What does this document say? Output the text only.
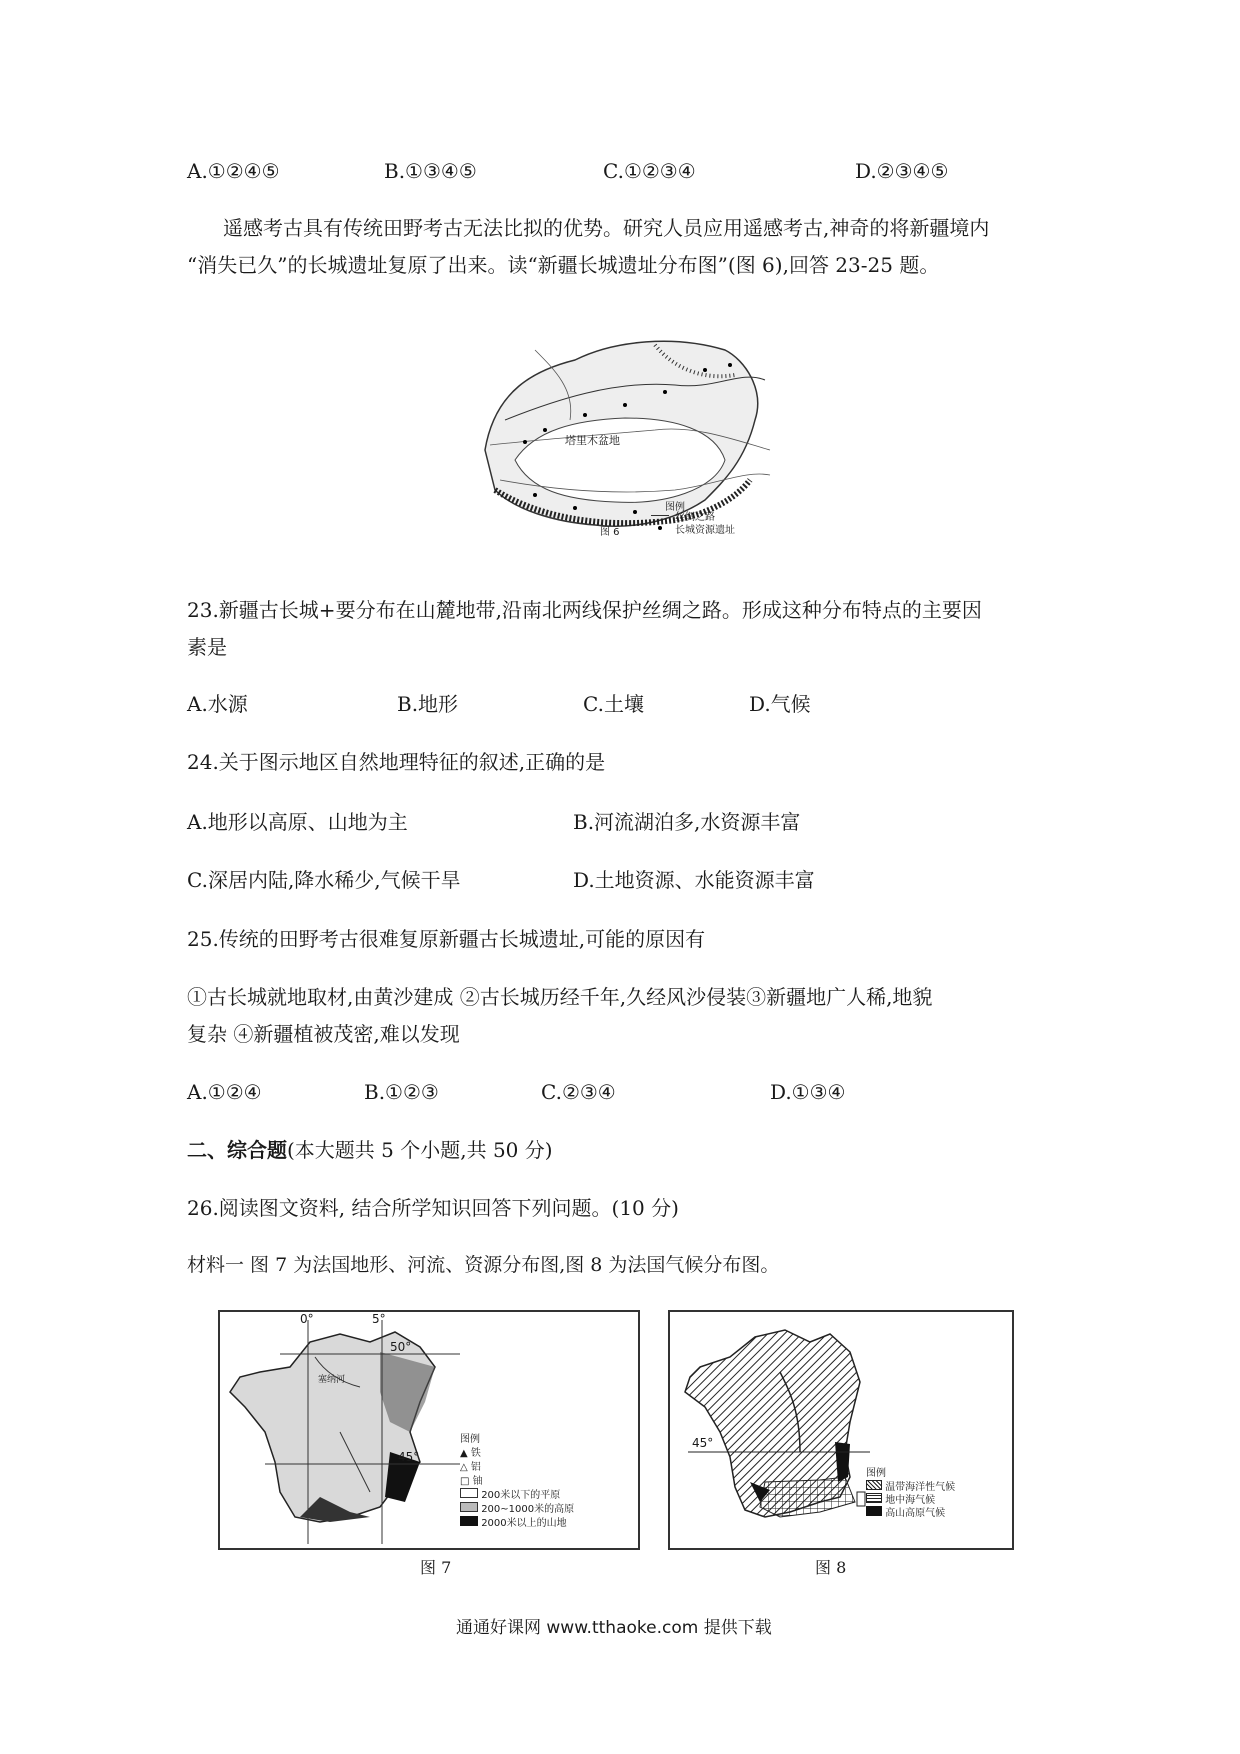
A.①②④⑤	B.①③④⑤	C.①②③④	D.②③④⑤
遥感考古具有传统田野考古无法比拟的优势。研究人员应用遥感考古,神奇的将新疆境内
“消失已久”的长城遗址复原了出来。读“新疆长城遗址分布图”(图 6),回答 23-25 题。
塔里木盆地
图例
丝绸之路
长城资源遗址
图 6
23.新疆古长城+要分布在山麓地带,沿南北两线保护丝绸之路。形成这种分布特点的主要因
素是
A.水源	B.地形	C.土壤	D.气候
24.关于图示地区自然地理特征的叙述,正确的是
A.地形以高原、山地为主	B.河流湖泊多,水资源丰富
C.深居内陆,降水稀少,气候干旱	D.土地资源、水能资源丰富
25.传统的田野考古很难复原新疆古长城遗址,可能的原因有
①古长城就地取材,由黄沙建成 ②古长城历经千年,久经风沙侵装③新疆地广人稀,地貌
复杂 ④新疆植被茂密,难以发现
A.①②④	B.①②③	C.②③④	D.①③④
二、综合题(本大题共 5 个小题,共 50 分)
26.阅读图文资料, 结合所学知识回答下列问题。(10 分)
材料一 图 7 为法国地形、河流、资源分布图,图 8 为法国气候分布图。
0°	5°
50°
45°
塞纳河
图例
▲ 铁
△ 铝
□ 铀
200米以下的平原
200~1000米的高原
2000米以上的山地
图 7
45°
图例
温带海洋性气候
地中海气候
高山高原气候
图 8
通通好课网 www.tthaoke.com 提供下载
